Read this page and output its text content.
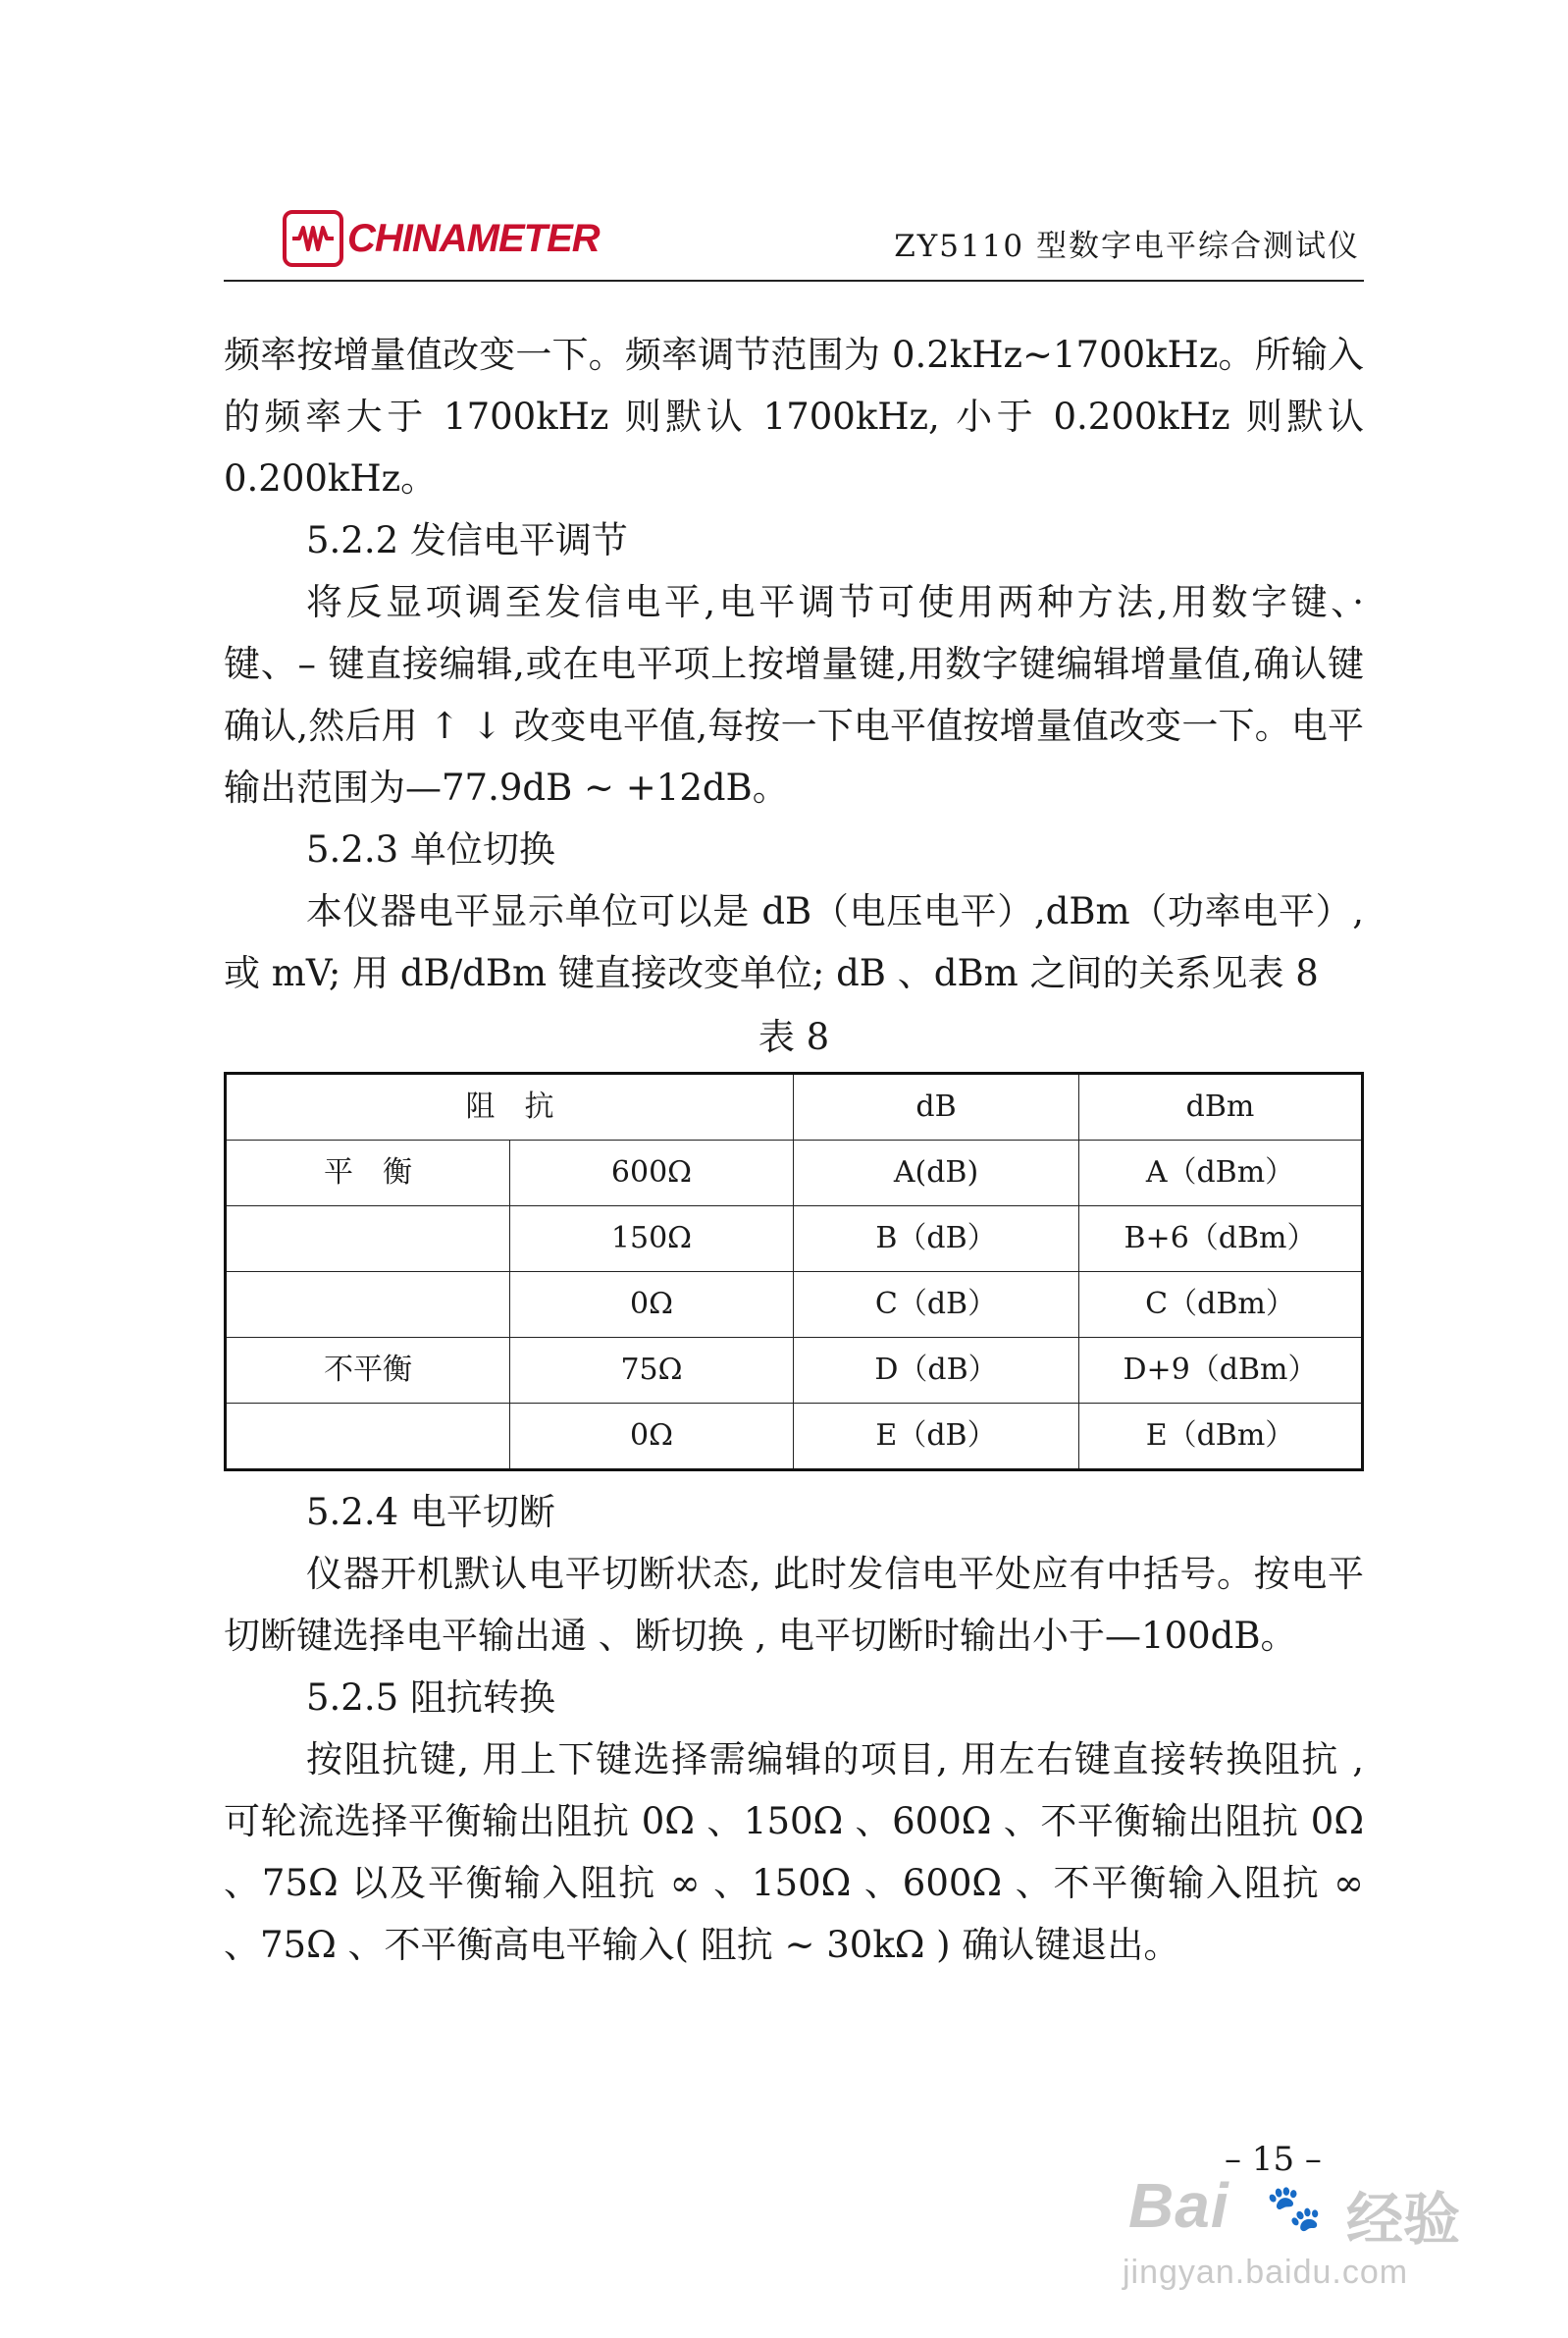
CHINAMETER	ZY5110 型数字电平综合测试仪

频率按增量值改变一下。频率调节范围为 0.2kHz~1700kHz。所输入的频率大于 1700kHz 则默认 1700kHz, 小于 0.200kHz 则默认 0.200kHz。

5.2.2 发信电平调节

将反显项调至发信电平,电平调节可使用两种方法,用数字键、· 键、– 键直接编辑,或在电平项上按增量键,用数字键编辑增量值,确认键确认,然后用 ↑ ↓ 改变电平值,每按一下电平值按增量值改变一下。电平输出范围为—77.9dB ~ +12dB。

5.2.3 单位切换

本仪器电平显示单位可以是 dB（电压电平）,dBm（功率电平）, 或 mV; 用 dB/dBm 键直接改变单位; dB 、dBm 之间的关系见表 8

表 8

阻　抗		dB	dBm
平　衡	600Ω	A(dB)	A（dBm）
	150Ω	B（dB）	B+6（dBm）
	0Ω	C（dB）	C（dBm）
不平衡	75Ω	D（dB）	D+9（dBm）
	0Ω	E（dB）	E（dBm）

5.2.4 电平切断

仪器开机默认电平切断状态, 此时发信电平处应有中括号。按电平切断键选择电平输出通 、断切换 , 电平切断时输出小于—100dB。

5.2.5 阻抗转换

按阻抗键, 用上下键选择需编辑的项目, 用左右键直接转换阻抗 , 可轮流选择平衡输出阻抗 0Ω 、150Ω 、600Ω 、不平衡输出阻抗 0Ω 、75Ω 以及平衡输入阻抗 ∞ 、150Ω 、600Ω 、不平衡输入阻抗 ∞ 、75Ω 、不平衡高电平输入( 阻抗 ~ 30kΩ ) 确认键退出。

– 15 –
Bai 🐾 经验
jingyan.baidu.com
